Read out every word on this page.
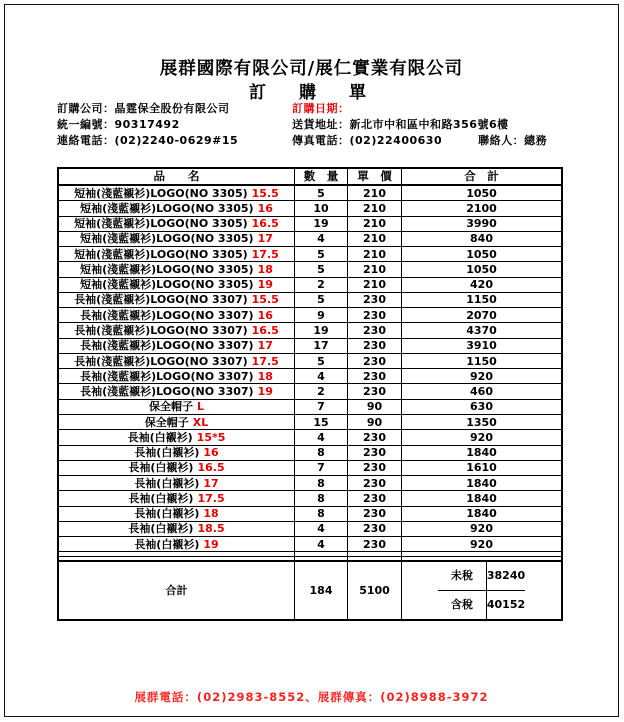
展群國際有限公司/展仁實業有限公司
訂　購　單
訂購公司：晶霆保全股份有限公司
統一編號：90317492
連絡電話：(02)2240-0629#15
訂購日期：
送貨地址：新北市中和區中和路356號6樓
傳真電話：(02)22400630	聯絡人：總務
品　　名	數　量	單　價	合　計
短袖(淺藍襯衫)LOGO(NO 3305) 15.5	5	210	1050
短袖(淺藍襯衫)LOGO(NO 3305) 16	10	210	2100
短袖(淺藍襯衫)LOGO(NO 3305) 16.5	19	210	3990
短袖(淺藍襯衫)LOGO(NO 3305) 17	4	210	840
短袖(淺藍襯衫)LOGO(NO 3305) 17.5	5	210	1050
短袖(淺藍襯衫)LOGO(NO 3305) 18	5	210	1050
短袖(淺藍襯衫)LOGO(NO 3305) 19	2	210	420
長袖(淺藍襯衫)LOGO(NO 3307) 15.5	5	230	1150
長袖(淺藍襯衫)LOGO(NO 3307) 16	9	230	2070
長袖(淺藍襯衫)LOGO(NO 3307) 16.5	19	230	4370
長袖(淺藍襯衫)LOGO(NO 3307) 17	17	230	3910
長袖(淺藍襯衫)LOGO(NO 3307) 17.5	5	230	1150
長袖(淺藍襯衫)LOGO(NO 3307) 18	4	230	920
長袖(淺藍襯衫)LOGO(NO 3307) 19	2	230	460
保全帽子 L	7	90	630
保全帽子 XL	15	90	1350
長袖(白襯衫) 15*5	4	230	920
長袖(白襯衫) 16	8	230	1840
長袖(白襯衫) 16.5	7	230	1610
長袖(白襯衫) 17	8	230	1840
長袖(白襯衫) 17.5	8	230	1840
長袖(白襯衫) 18	8	230	1840
長袖(白襯衫) 18.5	4	230	920
長袖(白襯衫) 19	4	230	920
合計	184	5100
未稅	38240
含稅	40152
展群電話：(02)2983-8552、展群傳真：(02)8988-3972
